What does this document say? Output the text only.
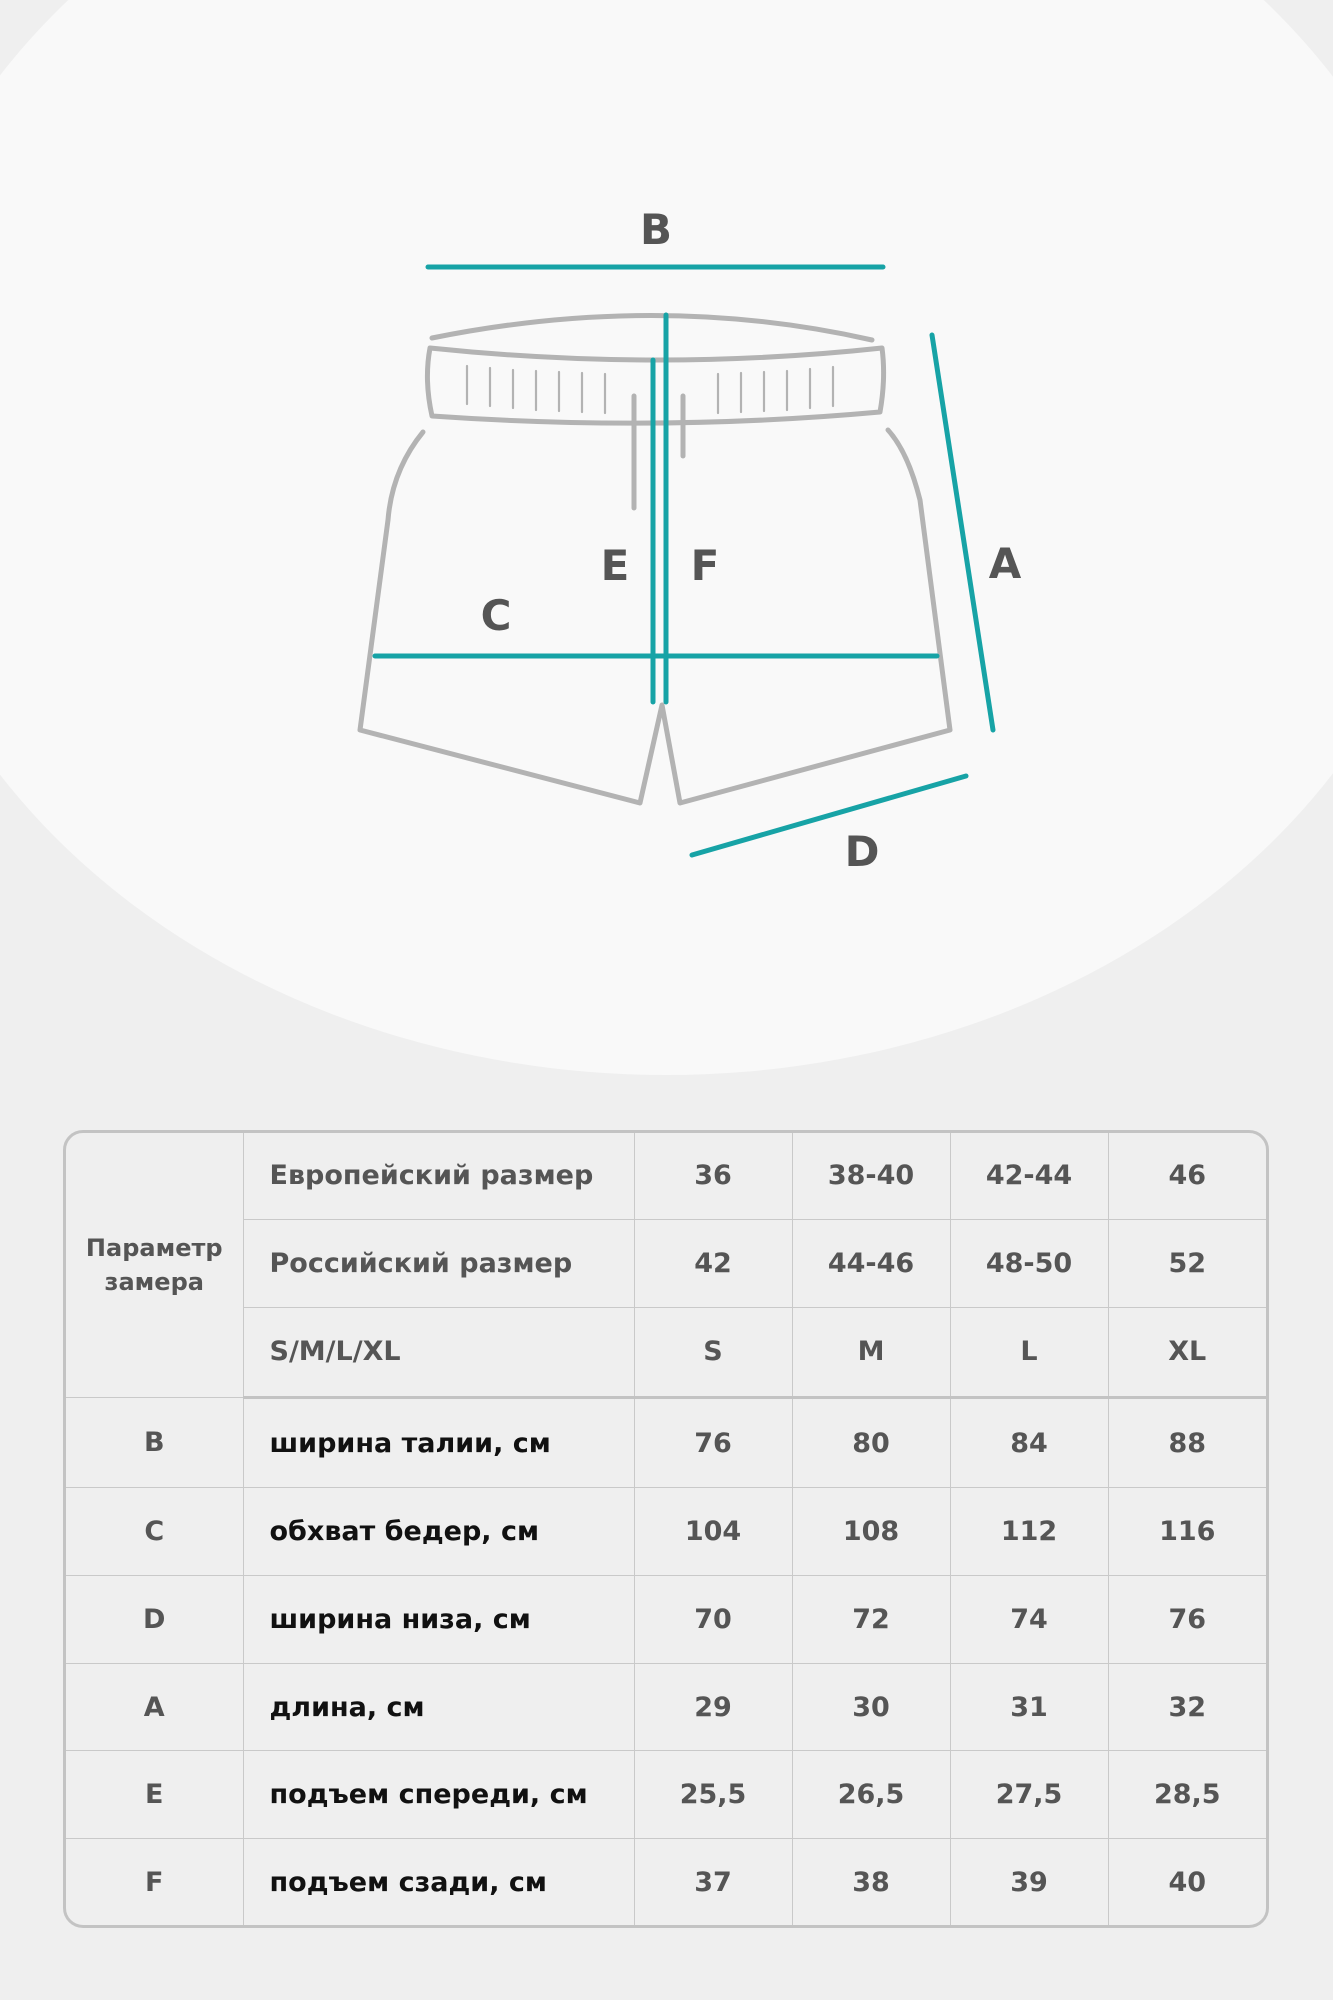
B
A
C
D
E F
Параметр замера	Европейский размер	36	38-40	42-44	46
	Российский размер	42	44-46	48-50	52
	S/M/L/XL	S	M	L	XL
B	ширина талии, см	76	80	84	88
C	обхват бедер, см	104	108	112	116
D	ширина низа, см	70	72	74	76
A	длина, см	29	30	31	32
E	подъем спереди, см	25,5	26,5	27,5	28,5
F	подъем сзади, см	37	38	39	40
